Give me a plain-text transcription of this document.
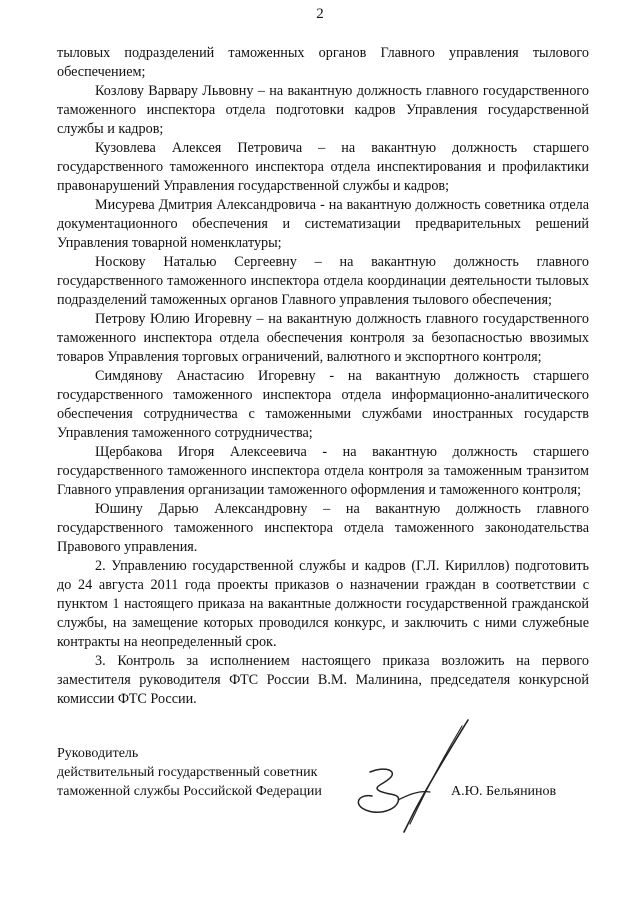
2

тыловых подразделений таможенных органов Главного управления тылового обеспечением;

Козлову Варвару Львовну – на вакантную должность главного государственного таможенного инспектора отдела подготовки кадров Управления государственной службы и кадров;

Кузовлева Алексея Петровича – на вакантную должность старшего государственного таможенного инспектора отдела инспектирования и профилактики правонарушений Управления государственной службы и кадров;

Мисурева Дмитрия Александровича - на вакантную должность советника отдела документационного обеспечения и систематизации предварительных решений Управления товарной номенклатуры;

Носкову Наталью Сергеевну – на вакантную должность главного государственного таможенного инспектора отдела координации деятельности тыловых подразделений таможенных органов Главного управления тылового обеспечения;

Петрову Юлию Игоревну – на вакантную должность главного государственного таможенного инспектора отдела обеспечения контроля за безопасностью ввозимых товаров Управления торговых ограничений, валютного и экспортного контроля;

Симдянову Анастасию Игоревну - на вакантную должность старшего государственного таможенного инспектора отдела информационно-аналитического обеспечения сотрудничества с таможенными службами иностранных государств Управления таможенного сотрудничества;

Щербакова Игоря Алексеевича - на вакантную должность старшего государственного таможенного инспектора отдела контроля за таможенным транзитом Главного управления организации таможенного оформления и таможенного контроля;

Юшину Дарью Александровну – на вакантную должность главного государственного таможенного инспектора отдела таможенного законодательства Правового управления.

2. Управлению государственной службы и кадров (Г.Л. Кириллов) подготовить до 24 августа 2011 года проекты приказов о назначении граждан в соответствии с пунктом 1 настоящего приказа на вакантные должности государственной гражданской службы, на замещение которых проводился конкурс, и заключить с ними служебные контракты на неопределенный срок.

3. Контроль за исполнением настоящего приказа возложить на первого заместителя руководителя ФТС России В.М. Малинина, председателя конкурсной комиссии ФТС России.

Руководитель
действительный государственный советник
таможенной службы Российской Федерации	А.Ю. Бельянинов
